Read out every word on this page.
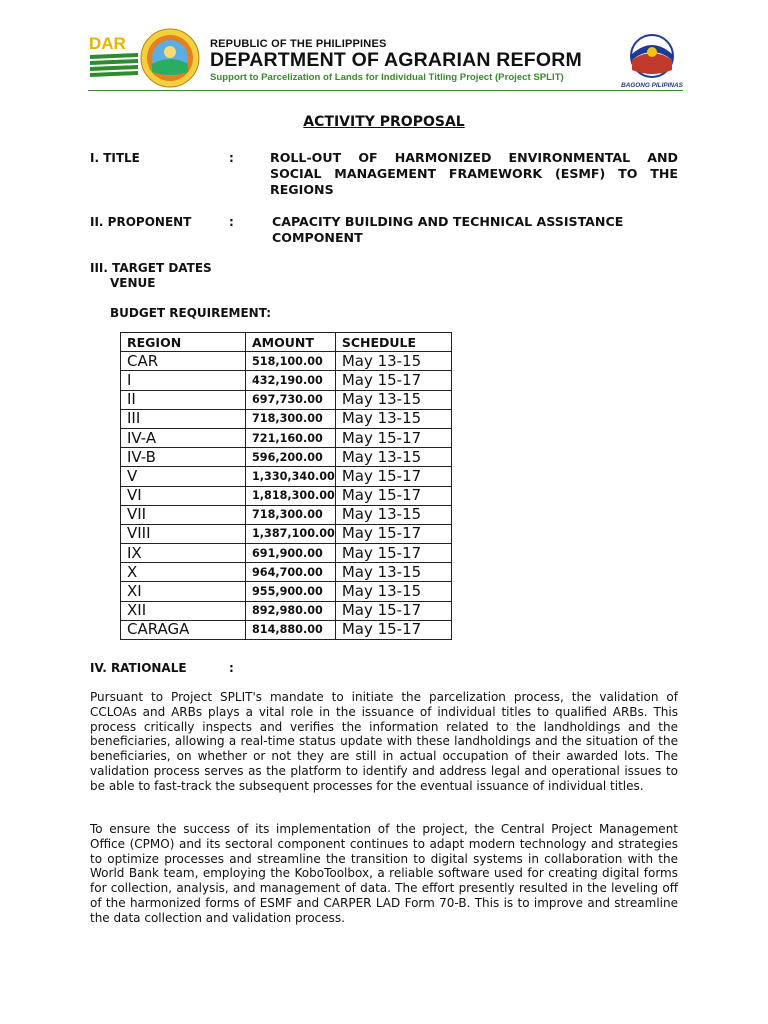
DAR	REPUBLIC OF THE PHILIPPINES
DEPARTMENT OF AGRARIAN REFORM
Support to Parcelization of Lands for Individual Titling Project (Project SPLIT)
BAGONG PILIPINAS
ACTIVITY PROPOSAL
I. TITLE	:	ROLL-OUT OF HARMONIZED ENVIRONMENTAL AND
SOCIAL MANAGEMENT FRAMEWORK (ESMF) TO THE
REGIONS
II. PROPONENT	:	CAPACITY BUILDING AND TECHNICAL ASSISTANCE
COMPONENT
III. TARGET DATES
VENUE
BUDGET REQUIREMENT:
REGION	AMOUNT	SCHEDULE
CAR	518,100.00	May 13-15
I	432,190.00	May 15-17
II	697,730.00	May 13-15
III	718,300.00	May 13-15
IV-A	721,160.00	May 15-17
IV-B	596,200.00	May 13-15
V	1,330,340.00	May 15-17
VI	1,818,300.00	May 15-17
VII	718,300.00	May 13-15
VIII	1,387,100.00	May 15-17
IX	691,900.00	May 15-17
X	964,700.00	May 13-15
XI	955,900.00	May 13-15
XII	892,980.00	May 15-17
CARAGA	814,880.00	May 15-17
IV. RATIONALE	:
Pursuant to Project SPLIT's mandate to initiate the parcelization process, the validation of CCLOAs and ARBs plays a vital role in the issuance of individual titles to qualified ARBs. This process critically inspects and verifies the information related to the landholdings and the beneficiaries, allowing a real-time status update with these landholdings and the situation of the beneficiaries, on whether or not they are still in actual occupation of their awarded lots. The validation process serves as the platform to identify and address legal and operational issues to be able to fast-track the subsequent processes for the eventual issuance of individual titles.
To ensure the success of its implementation of the project, the Central Project Management Office (CPMO) and its sectoral component continues to adapt modern technology and strategies to optimize processes and streamline the transition to digital systems in collaboration with the World Bank team, employing the KoboToolbox, a reliable software used for creating digital forms for collection, analysis, and management of data. The effort presently resulted in the leveling off of the harmonized forms of ESMF and CARPER LAD Form 70-B. This is to improve and streamline the data collection and validation process.
